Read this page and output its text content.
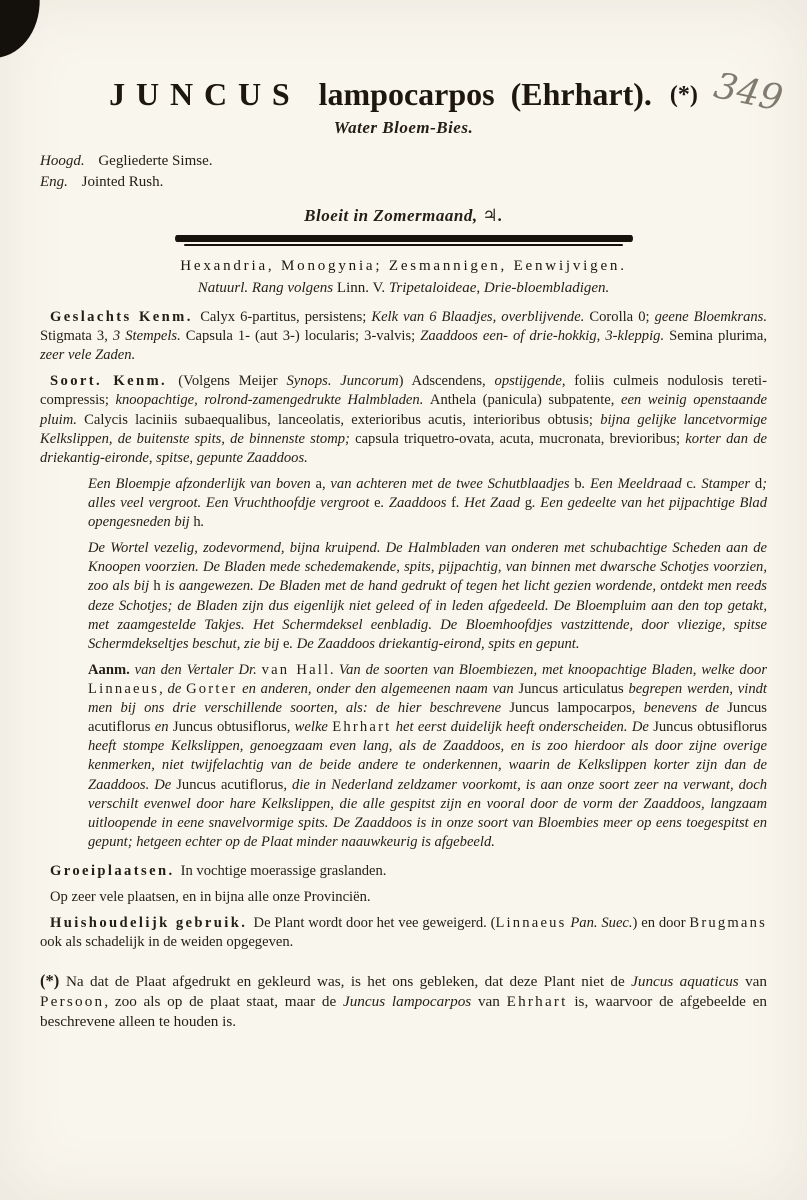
349
JUNCUS lampocarpos (Ehrhart). (*)
Water Bloem-Bies.
Hoogd. Gegliederte Simse.
Eng. Jointed Rush.
Bloeit in Zomermaand, ♃.
Hexandria, Monogynia; Zesmannigen, Eenwijvigen.
Natuurl. Rang volgens Linn. V. Tripetaloideae, Drie-bloembladigen.

Geslachts Kenm. Calyx 6-partitus, persistens; Kelk van 6 Blaadjes, overblijvende. Corolla 0; geene Bloemkrans. Stigmata 3, 3 Stempels. Capsula 1- (aut 3-) locularis; 3-valvis; Zaaddoos een- of drie-hokkig, 3-kleppig. Semina plurima, zeer vele Zaden.

Soort. Kenm. (Volgens Meijer Synops. Juncorum) Adscendens, opstijgende, foliis culmeis nodulosis tereti-compressis; knoopachtige, rolrond-zamengedrukte Halmbladen. Anthela (panicula) subpatente, een weinig openstaande pluim. Calycis laciniis subaequalibus, lanceolatis, exterioribus acutis, interioribus obtusis; bijna gelijke lancetvormige Kelkslippen, de buitenste spits, de binnenste stomp; capsula triquetro-ovata, acuta, mucronata, brevioribus; korter dan de driekantig-eironde, spitse, gepunte Zaaddoos.

Een Bloempje afzonderlijk van boven a, van achteren met de twee Schutblaadjes b. Een Meeldraad c. Stamper d; alles veel vergroot. Een Vruchthoofdje vergroot e. Zaaddoos f. Het Zaad g. Een gedeelte van het pijpachtige Blad opengesneden bij h.

De Wortel vezelig, zodevormend, bijna kruipend. De Halmbladen van onderen met schubachtige Scheden aan de Knoopen voorzien. De Bladen mede schedemakende, spits, pijpachtig, van binnen met dwarsche Schotjes voorzien, zoo als bij h is aangewezen. De Bladen met de hand gedrukt of tegen het licht gezien wordende, ontdekt men reeds deze Schotjes; de Bladen zijn dus eigenlijk niet geleed of in leden afgedeeld. De Bloempluim aan den top getakt, met zaamgestelde Takjes. Het Schermdeksel eenbladig. De Bloemhoofdjes vastzittende, door vliezige, spitse Schermdekseltjes beschut, zie bij e. De Zaaddoos driekantig-eirond, spits en gepunt.

Aanm. van den Vertaler Dr. van Hall. Van de soorten van Bloembiezen, met knoopachtige Bladen, welke door Linnaeus, de Gorter en anderen, onder den algemeenen naam van Juncus articulatus begrepen werden, vindt men bij ons drie verschillende soorten, als: de hier beschrevene Juncus lampocarpos, benevens de Juncus acutiflorus en Juncus obtusiflorus, welke Ehrhart het eerst duidelijk heeft onderscheiden. De Juncus obtusiflorus heeft stompe Kelkslippen, genoegzaam even lang, als de Zaaddoos, en is zoo hierdoor als door zijne overige kenmerken, niet twijfelachtig van de beide andere te onderkennen, waarin de Kelkslippen korter zijn dan de Zaaddoos. De Juncus acutiflorus, die in Nederland zeldzamer voorkomt, is aan onze soort zeer na verwant, doch verschilt evenwel door hare Kelkslippen, die alle gespitst zijn en vooral door de vorm der Zaaddoos, langzaam uitloopende in eene snavelvormige spits. De Zaaddoos is in onze soort van Bloembies meer op eens toegespitst en gepunt; hetgeen echter op de Plaat minder naauwkeurig is afgebeeld.

Groeiplaatsen. In vochtige moerassige graslanden.

Op zeer vele plaatsen, en in bijna alle onze Provinciën.

Huishoudelijk gebruik. De Plant wordt door het vee geweigerd. (Linnaeus Pan. Suec.) en door Brugmans ook als schadelijk in de weiden opgegeven.

(*) Na dat de Plaat afgedrukt en gekleurd was, is het ons gebleken, dat deze Plant niet de Juncus aquaticus van Persoon, zoo als op de plaat staat, maar de Juncus lampocarpos van Ehrhart is, waarvoor de afgebeelde en beschrevene alleen te houden is.
